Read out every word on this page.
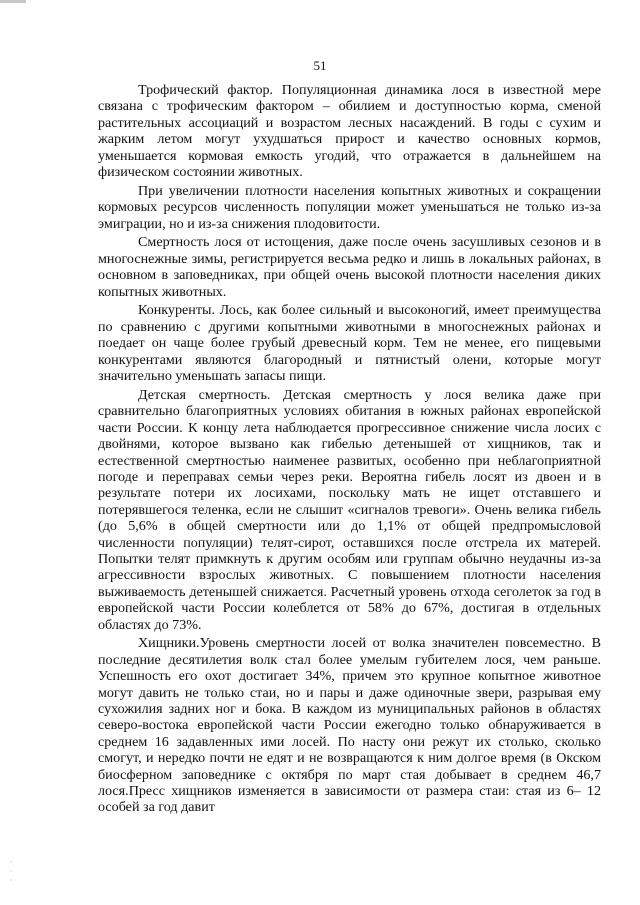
51

Трофический фактор. Популяционная динамика лося в известной мере связана с трофическим фактором – обилием и доступностью корма, сменой растительных ассоциаций и возрастом лесных насаждений. В годы с сухим и жарким летом могут ухудшаться прирост и качество основных кормов, уменьшается кормовая емкость угодий, что отражается в дальнейшем на физическом состоянии животных.

При увеличении плотности населения копытных животных и сокращении кормовых ресурсов численность популяции может уменьшаться не только из-за эмиграции, но и из-за снижения плодовитости.

Смертность лося от истощения, даже после очень засушливых сезонов и в многоснежные зимы, регистрируется весьма редко и лишь в локальных районах, в основном в заповедниках, при общей очень высокой плотности населения диких копытных животных.

Конкуренты. Лось, как более сильный и высоконогий, имеет преимущества по сравнению с другими копытными животными в многоснежных районах и поедает он чаще более грубый древесный корм. Тем не менее, его пищевыми конкурентами являются благородный и пятнистый олени, которые могут значительно уменьшать запасы пищи.

Детская смертность. Детская смертность у лося велика даже при сравнительно благоприятных условиях обитания в южных районах европейской части России. К концу лета наблюдается прогрессивное снижение числа лосих с двойнями, которое вызвано как гибелью детенышей от хищников, так и естественной смертностью наименее развитых, особенно при неблагоприятной погоде и переправах семьи через реки. Вероятна гибель лосят из двоен и в результате потери их лосихами, поскольку мать не ищет отставшего и потерявшегося теленка, если не слышит «сигналов тревоги». Очень велика гибель (до 5,6% в общей смертности или до 1,1% от общей предпромысловой численности популяции) телят-сирот, оставшихся после отстрела их матерей. Попытки телят примкнуть к другим особям или группам обычно неудачны из-за агрессивности взрослых животных. С повышением плотности населения выживаемость детенышей снижается. Расчетный уровень отхода сеголеток за год в европейской части России колеблется от 58% до 67%, достигая в отдельных областях до 73%.

Хищники.Уровень смертности лосей от волка значителен повсеместно. В последние десятилетия волк стал более умелым губителем лося, чем раньше. Успешность его охот достигает 34%, причем это крупное копытное животное могут давить не только стаи, но и пары и даже одиночные звери, разрывая ему сухожилия задних ног и бока. В каждом из муниципальных районов в областях северо-востока европейской части России ежегодно только обнаруживается в среднем 16 задавленных ими лосей. По насту они режут их столько, сколько смогут, и нередко почти не едят и не возвращаются к ним долгое время (в Окском биосферном заповеднике с октября по март стая добывает в среднем 46,7 лося.Пресс хищников изменяется в зависимости от размера стаи: стая из 6– 12 особей за год давит

·
·
·
